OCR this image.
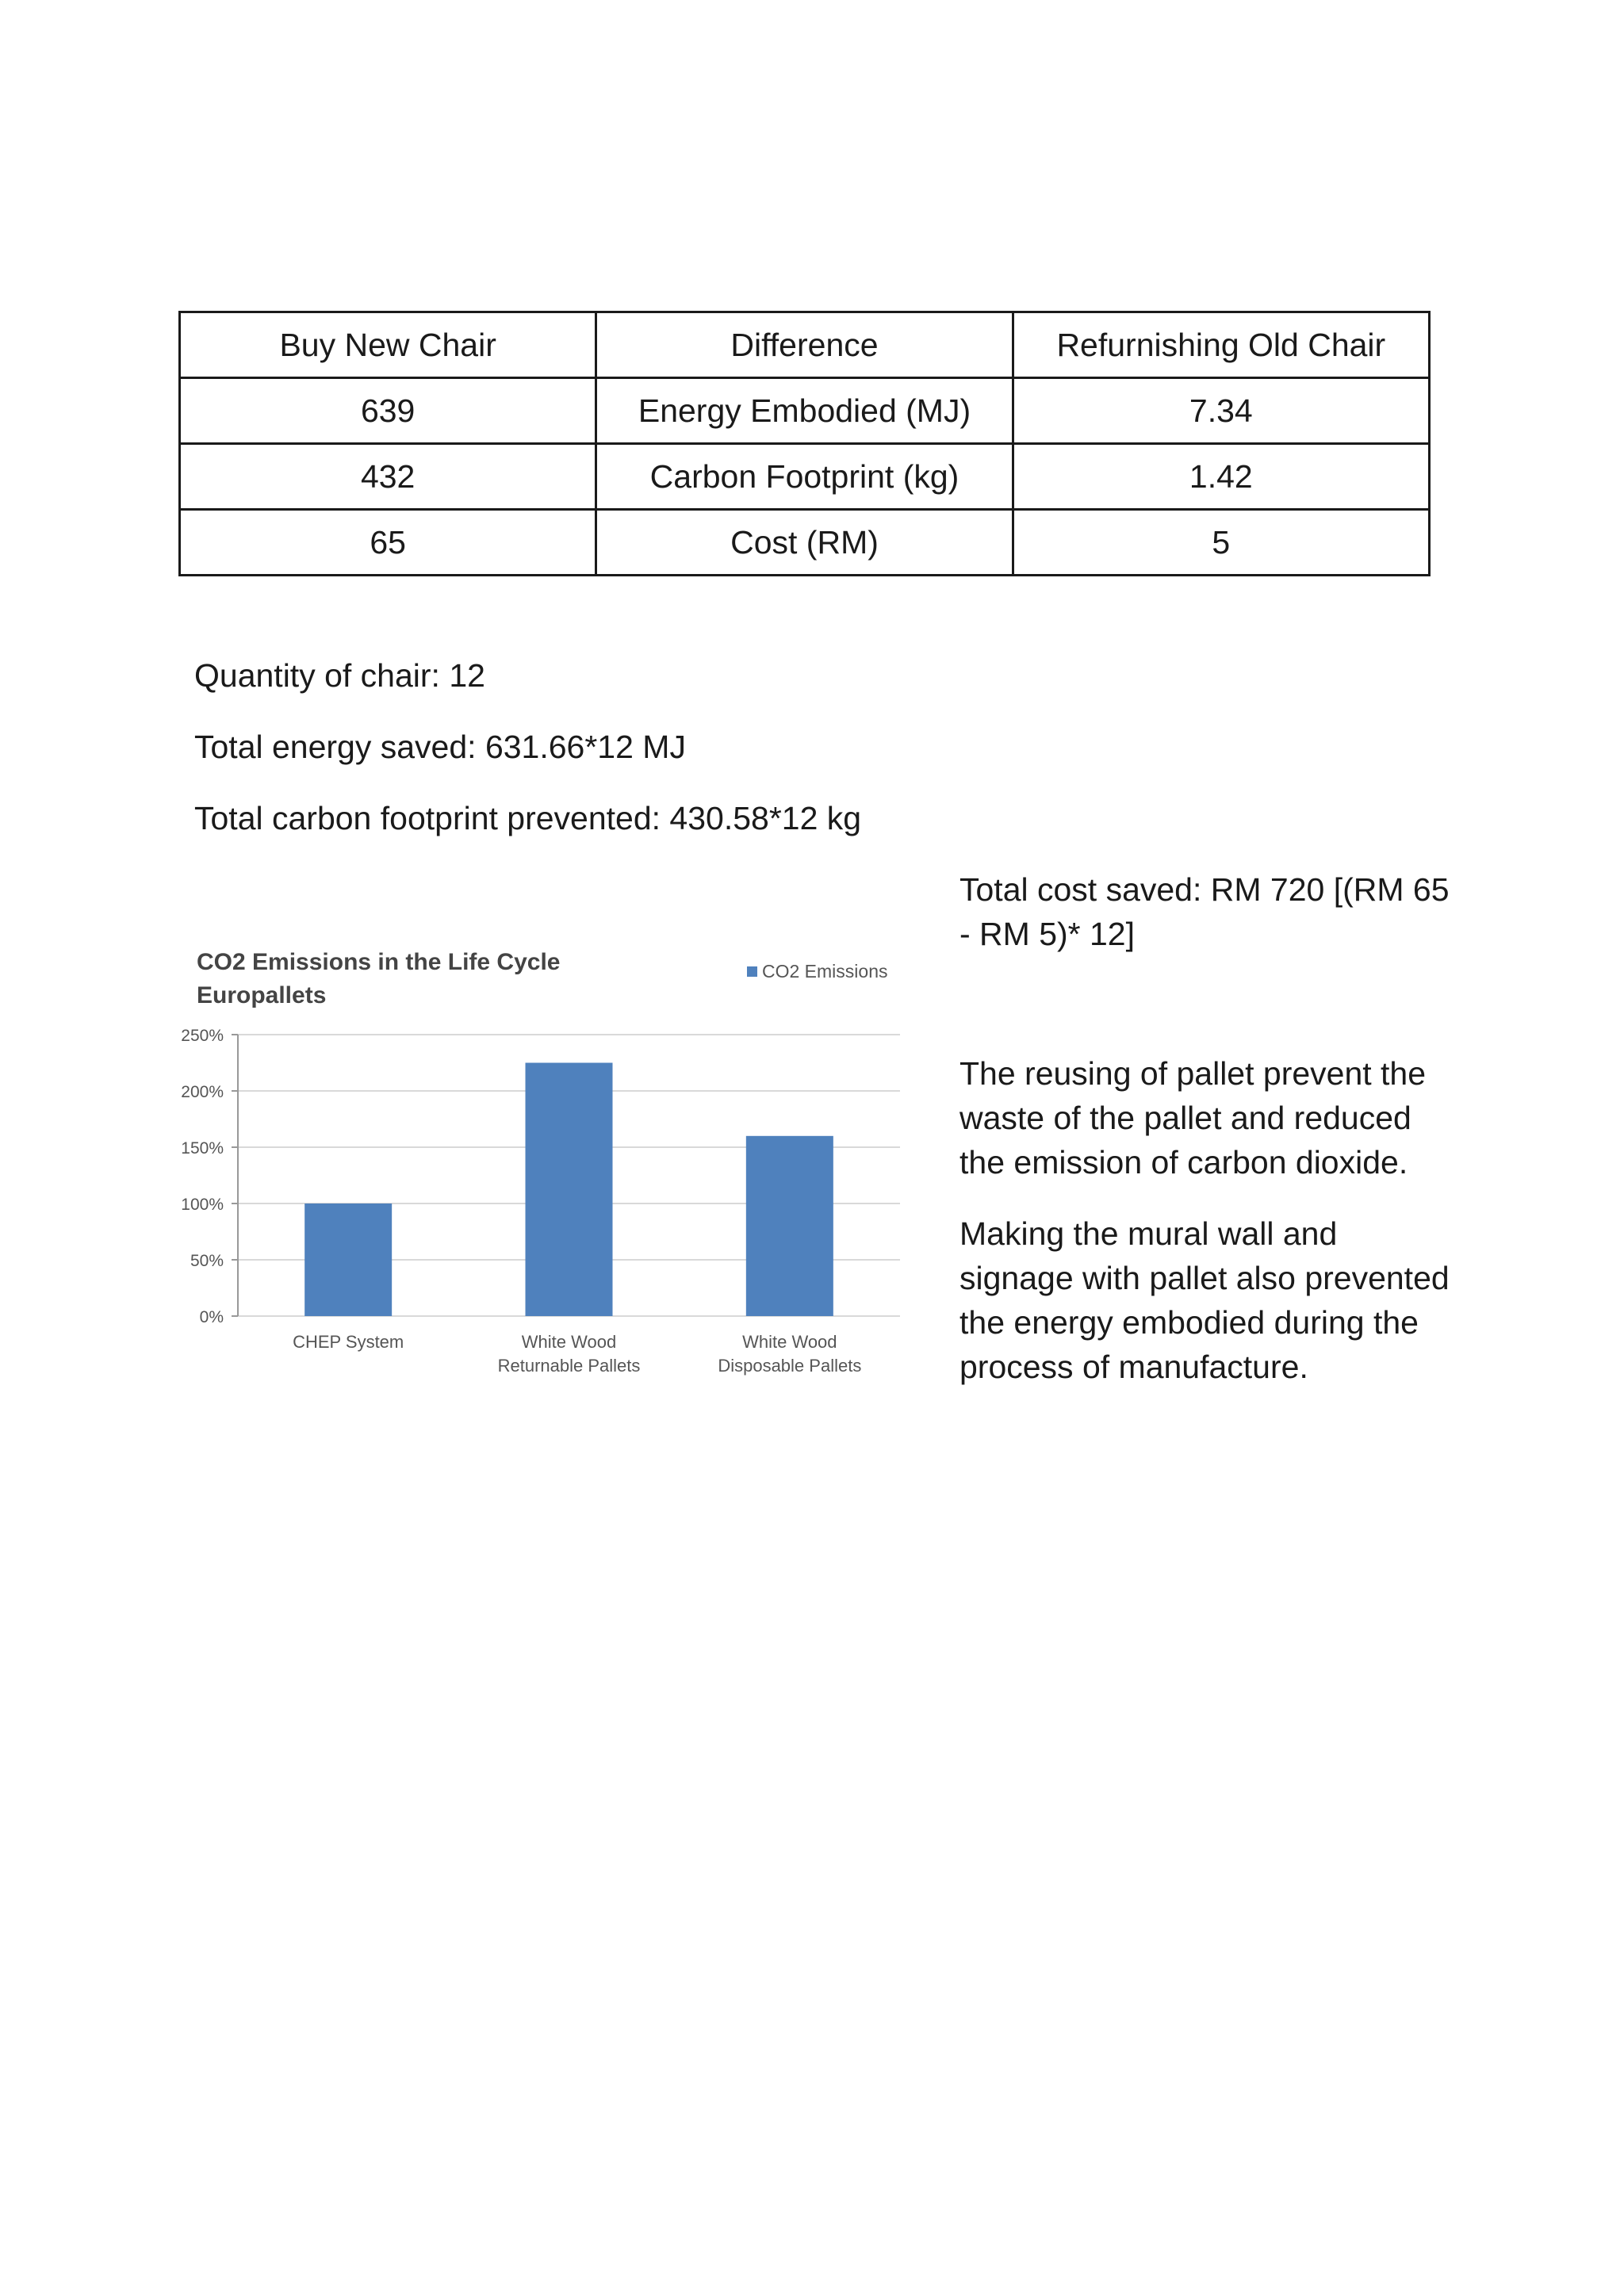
Buy New Chair	Difference	Refurnishing Old Chair
639	Energy Embodied (MJ)	7.34
432	Carbon Footprint (kg)	1.42
65	Cost (RM)	5
Quantity of chair: 12
Total energy saved: 631.66*12 MJ
Total carbon footprint prevented: 430.58*12 kg
Total cost saved: RM 720 [(RM 65 - RM 5)* 12]
The reusing of pallet prevent the waste of the pallet and reduced the emission of carbon dioxide.
Making the mural wall and signage with pallet also prevented the energy embodied during the process of manufacture.
0%
50%
100%
150%
200%
250%
CHEP System	White Wood
Returnable Pallets
White Wood
Disposable Pallets
CO2 Emissions in the Life Cycle
Europallets
CO2 Emissions
